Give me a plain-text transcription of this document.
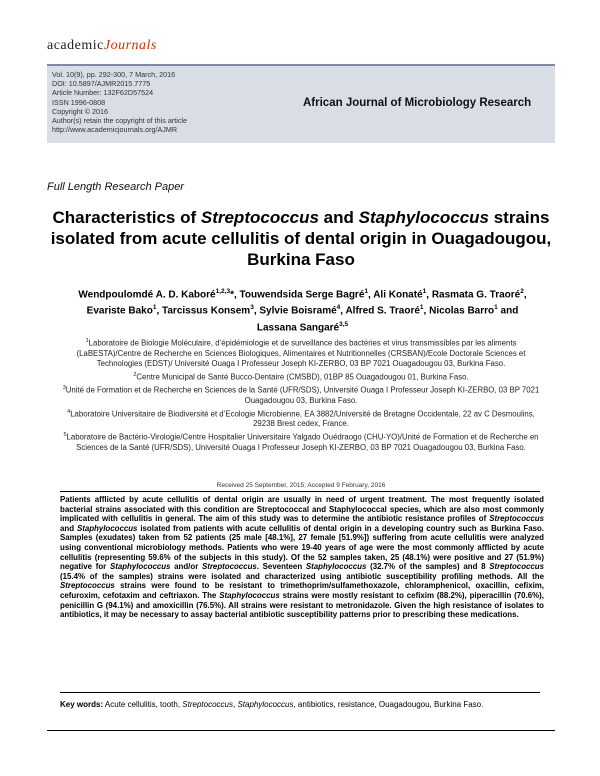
academicJournals
Vol. 10(9), pp. 292-300, 7 March, 2016
DOI: 10.5897/AJMR2015.7775
Article Number: 132F62D57524
ISSN 1996-0808
Copyright © 2016
Author(s) retain the copyright of this article
http://www.academicjournals.org/AJMR
African Journal of Microbiology Research
Full Length Research Paper
Characteristics of Streptococcus and Staphylococcus strains isolated from acute cellulitis of dental origin in Ouagadougou, Burkina Faso
Wendpoulomdé A. D. Kaboré$^{1,2,3}$*, Touwendsida Serge Bagré$^1$, Ali Konaté$^1$, Rasmata G. Traoré$^2$, Evariste Bako$^1$, Tarcissus Konsem$^3$, Sylvie Boisramé$^4$, Alfred S. Traoré$^1$, Nicolas Barro$^1$ and Lassana Sangaré$^{3,5}$

$^1$Laboratoire de Biologie Moléculaire, d’épidémiologie et de surveillance des bactéries et virus transmissibles par les aliments (LaBESTA)/Centre de Recherche en Sciences Biologiques, Alimentaires et Nutritionnelles (CRSBAN)/Ecole Doctorale Sciences et Technologies (EDST)/ Université Ouaga I Professeur Joseph KI-ZERBO, 03 BP 7021 Ouagadougou 03, Burkina Faso.

$^2$Centre Municipal de Santé Bucco-Dentaire (CMSBD), 01BP 85 Ouagadougou 01, Burkina Faso.

$^3$Unité de Formation et de Recherche en Sciences de la Santé (UFR/SDS), Université Ouaga I Professeur Joseph KI-ZERBO, 03 BP 7021 Ouagadougou 03, Burkina Faso.

$^4$Laboratoire Universitaire de Biodiversité et d’Ecologie Microbienne, EA 3882/Université de Bretagne Occidentale, 22 av C Desmoulins, 29238 Brest cedex, France.

$^5$Laboratoire de Bactério-Virologie/Centre Hospitalier Universitaire Yalgado Ouédraogo (CHU-YO)/Unité de Formation et de Recherche en Sciences de la Santé (UFR/SDS), Université Ouaga I Professeur Joseph KI-ZERBO, 03 BP 7021 Ouagadougou 03, Burkina Faso.

Received 25 September, 2015; Accepted 9 February, 2016
Patients afflicted by acute cellulitis of dental origin are usually in need of urgent treatment. The most frequently isolated bacterial strains associated with this condition are Streptococcal and Staphylococcal species, which are also most commonly implicated with cellulitis in general. The aim of this study was to determine the antibiotic resistance profiles of Streptococcus and Staphylococcus isolated from patients with acute cellulitis of dental origin in a developing country such as Burkina Faso. Samples (exudates) taken from 52 patients (25 male [48.1%], 27 female [51.9%]) suffering from acute cellulitis were analyzed using conventional microbiology methods. Patients who were 19-40 years of age were the most commonly afflicted by acute cellulitis (representing 59.6% of the subjects in this study). Of the 52 samples taken, 25 (48.1%) were positive and 27 (51.9%) negative for Staphylococcus and/or Streptococcus. Seventeen Staphylococcus (32.7% of the samples) and 8 Streptococcus (15.4% of the samples) strains were isolated and characterized using antibiotic susceptibility profiling methods. All the Streptococcus strains were found to be resistant to trimethoprim/sulfamethoxazole, chloramphenicol, oxacillin, cefixim, cefuroxim, cefotaxim and ceftriaxon. The Staphylococcus strains were mostly resistant to cefixim (88.2%), piperacillin (70.6%), penicillin G (94.1%) and amoxicillin (76.5%). All strains were resistant to metronidazole. Given the high resistance of isolates to antibiotics, it may be necessary to assay bacterial antibiotic susceptibility patterns prior to prescribing these medications.
Key words: Acute cellulitis, tooth, Streptococcus, Staphylococcus, antibiotics, resistance, Ouagadougou, Burkina Faso.
